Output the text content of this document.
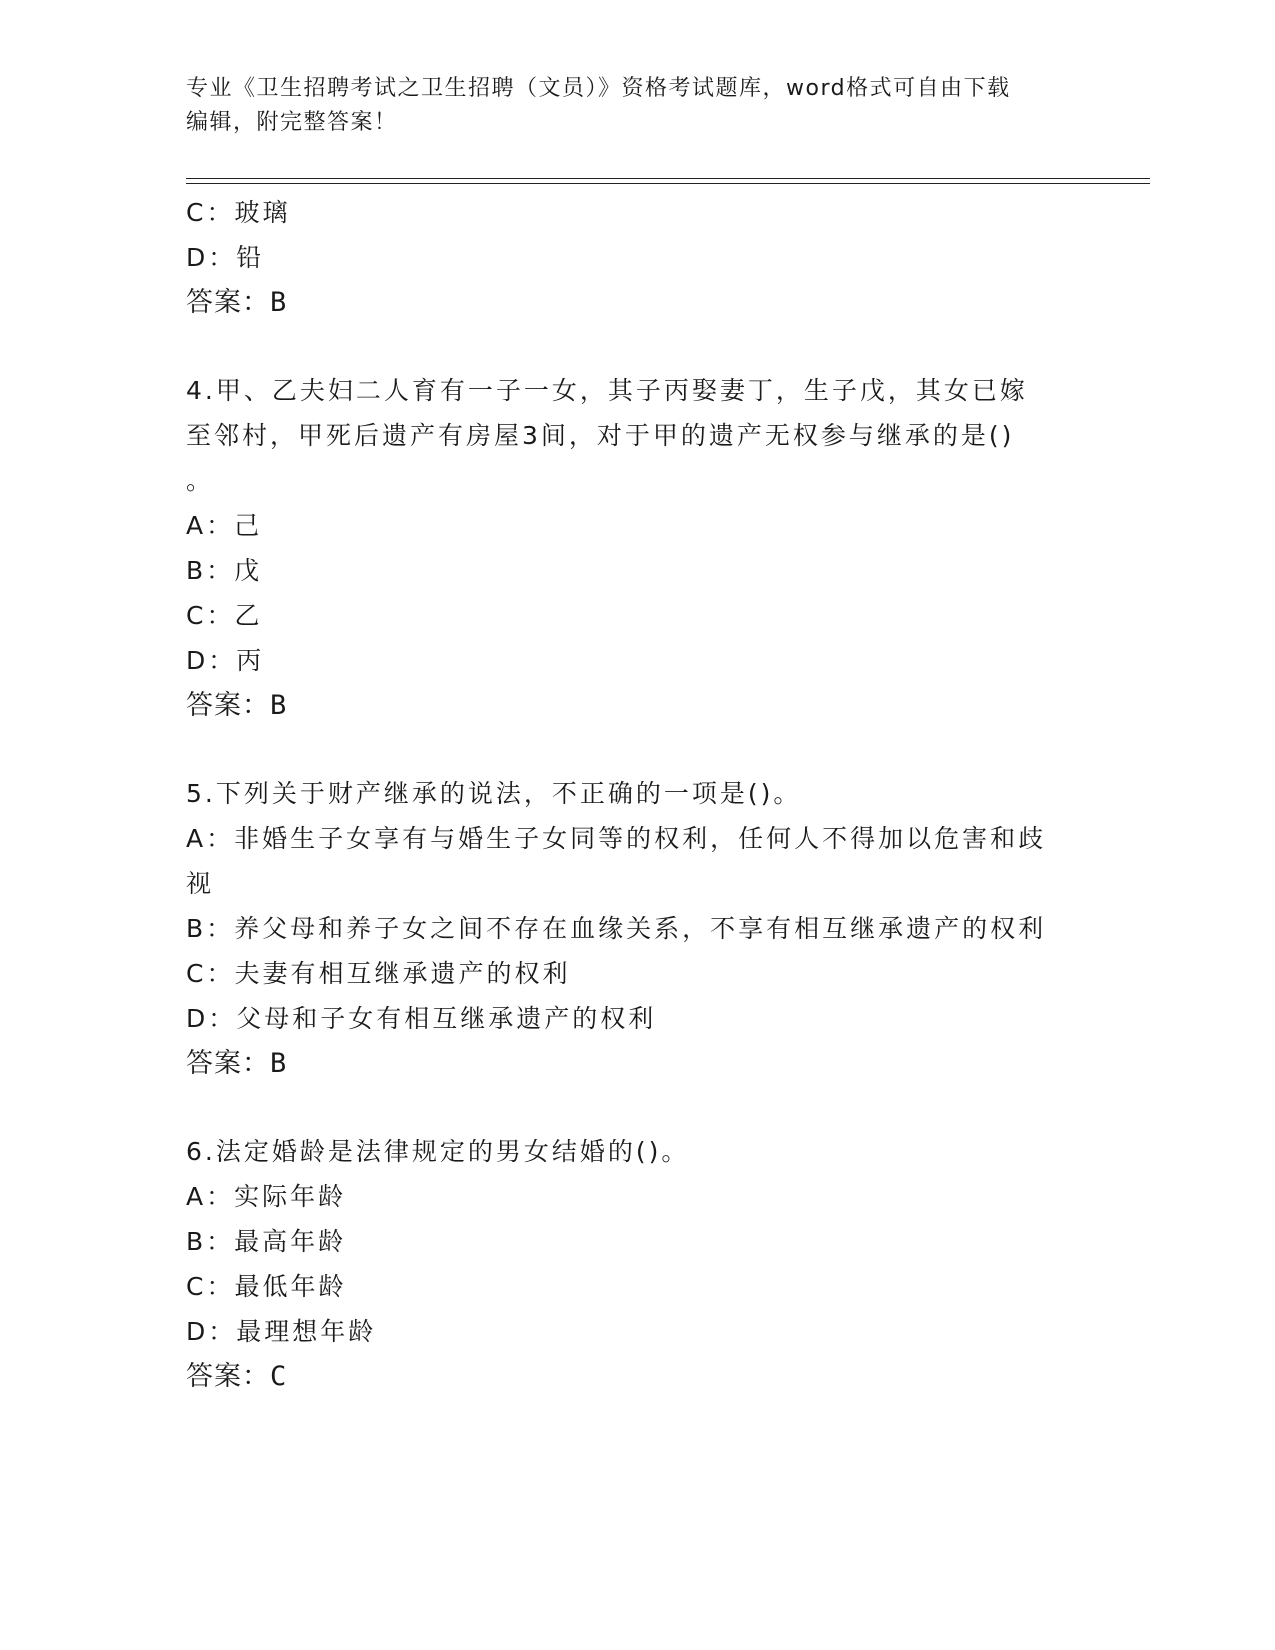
专业《卫生招聘考试之卫生招聘（文员）》资格考试题库，word格式可自由下载
编辑，附完整答案！
C：玻璃
D：铅
答案：B
4.甲、乙夫妇二人育有一子一女，其子丙娶妻丁，生子戊，其女已嫁
至邻村，甲死后遗产有房屋3间，对于甲的遗产无权参与继承的是()
。
A：己
B：戊
C：乙
D：丙
答案：B
5.下列关于财产继承的说法，不正确的一项是()。
A：非婚生子女享有与婚生子女同等的权利，任何人不得加以危害和歧
视
B：养父母和养子女之间不存在血缘关系，不享有相互继承遗产的权利
C：夫妻有相互继承遗产的权利
D：父母和子女有相互继承遗产的权利
答案：B
6.法定婚龄是法律规定的男女结婚的()。
A：实际年龄
B：最高年龄
C：最低年龄
D：最理想年龄
答案：C
